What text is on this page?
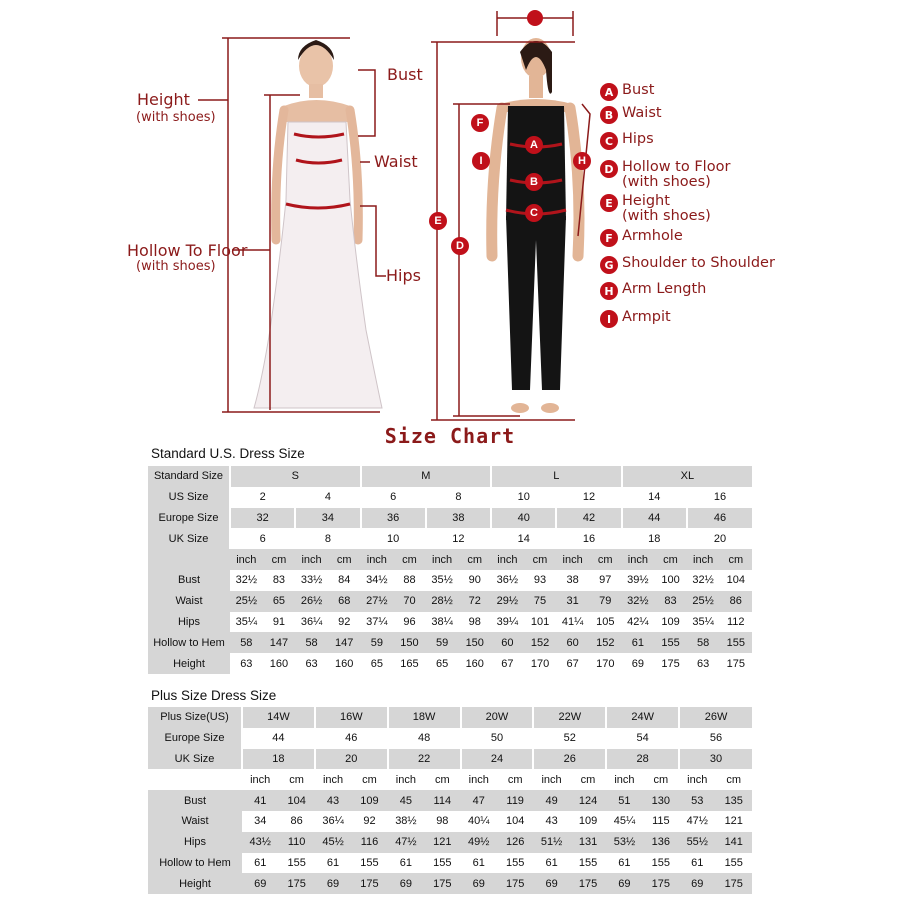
A
B
C
D
E
F
H
I
Height
(with shoes)
Hollow To Floor
(with shoes)
Bust
Waist
Hips
A Bust
B Waist
C Hips
D Hollow to Floor
(with shoes)
E Height
(with shoes)
F Armhole
G Shoulder to Shoulder
H Arm Length
I Armpit
Size Chart
Standard U.S. Dress Size
Standard Size	S				M				L				XL			
US Size	2		4		6		8		10		12		14		16	
Europe Size	32		34		36		38		40		42		44		46	
UK Size	6		8		10		12		14		16		18		20	
	inch	cm	inch	cm	inch	cm	inch	cm	inch	cm	inch	cm	inch	cm	inch	cm
Bust	32½	83	33½	84	34½	88	35½	90	36½	93	38	97	39½	100	32½	104
Waist	25½	65	26½	68	27½	70	28½	72	29½	75	31	79	32½	83	25½	86
Hips	35¼	91	36¼	92	37¼	96	38¼	98	39¼	101	41¼	105	42¼	109	35¼	112
Hollow to Hem	58	147	58	147	59	150	59	150	60	152	60	152	61	155	58	155
Height	63	160	63	160	65	165	65	160	67	170	67	170	69	175	63	175
Plus Size Dress Size
Plus Size(US)	14W		16W		18W		20W		22W		24W		26W	
Europe Size	44		46		48		50		52		54		56	
UK Size	18		20		22		24		26		28		30	
	inch	cm	inch	cm	inch	cm	inch	cm	inch	cm	inch	cm	inch	cm
Bust	41	104	43	109	45	114	47	119	49	124	51	130	53	135
Waist	34	86	36¼	92	38½	98	40¼	104	43	109	45¼	115	47½	121
Hips	43½	110	45½	116	47½	121	49½	126	51½	131	53½	136	55½	141
Hollow to Hem	61	155	61	155	61	155	61	155	61	155	61	155	61	155
Height	69	175	69	175	69	175	69	175	69	175	69	175	69	175
